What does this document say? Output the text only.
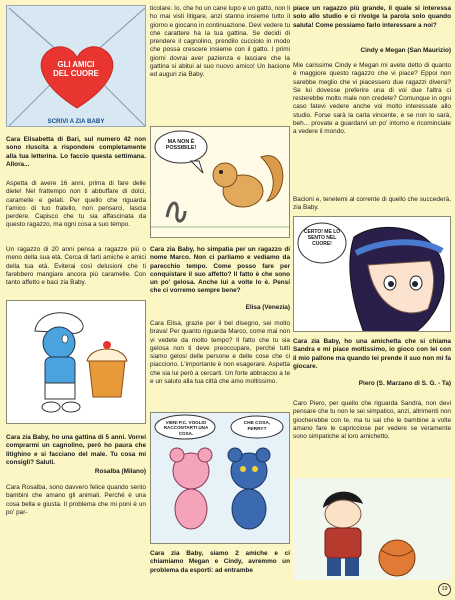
GLI AMICI
DEL CUORE
SCRIVI A ZIA BABY

Cara Elisabetta di Bari, sul numero 42 non sono riuscita a rispondere completamente alla tua letterina. Lo faccio questa settimana. Allora...

Aspetta di avere 16 anni, prima di fare delle diete! Nel frattempo non ti abbuffare di dolci, caramelle e gelati. Per quello che riguarda l'amico di tuo fratello, non pensarci, lascia perdere. Capisco che tu sia affascinata da questo ragazzo, ma ogni cosa a suo tempo.

Un ragazzo di 20 anni pensa a ragazze più o meno della sua età. Cerca di farti amiche e amici della tua età. Eviterai così delusioni che ti farebbero mangiare ancora più caramelle. Con tanto affetto e baci zia Baby.

Cara zia Baby, ho una gattina di 5 anni. Vorrei comprarmi un cagnolino, però ho paura che litighino e si facciano del male. Tu cosa mi consigli? Saluti.

Rosalba (Milano)

Cara Rosalba, sono davvero felice quando sento bambini che amano gli animali. Perché è una cosa bella e giusta. Il problema che mi poni è un po' par-

ticolare. Io, che ho un cane lupo e un gatto, non li ho mai visti litigare, anzi stanno insieme tutto il giorno e giocano in continuazione. Devi vedere tu che carattere ha la tua gattina. Se decidi di prendere il cagnolino, prendilo cucciolo in modo che possa crescere insieme con il gatto. I primi giorni dovrai aver pazienza e lasciare che la gattina si abitui al suo nuovo amico! Un bacione ed auguri zia Baby.

MA NON È POSSIBILE!

Cara zia Baby, ho simpatia per un ragazzo di nome Marco. Non ci parliamo e vediamo da parecchio tempo. Come posso fare per conquistare il suo affetto? Il fatto è che sono un po' gelosa. Anche lui a volte lo è. Pensi che ci vorremo sempre bene?

Elisa (Venezia)

Cara Elisa, grazie per il bel disegno, sei molto brava! Per quanto riguarda Marco, come mai non vi vedete da molto tempo? Il fatto che tu sia gelosa non ti deve preoccupare, perché tutti siamo gelosi delle persone e delle cose che ci piacciono. L'importante è non esagerare. Aspetta che sia lui però a cercarti. Un forte abbraccio a te e un saluto alla tua città che amo moltissimo.

VIENI P.C. VOGLIO RACCONTARTI UNA COSA.
CHE COSA, FERRY?

Cara zia Baby, siamo 2 amiche e ci chiamiamo Megan e Cindy, avremmo un problema da esporti: ad entrambe

piace un ragazzo più grande, il quale si interessa solo allo studio e ci rivolge la parola solo quando saluta! Come possiamo farlo interessare a noi?

Cindy e Megan (San Maurizio)

Mie carissime Cindy e Megan mi avete detto di quanto è maggiore questo ragazzo che vi piace? Eppoi non sarebbe meglio che vi piacessero due ragazzi diversi? Se lui dovesse preferire una di voi due l'altra ci resterebbe molto male non credete? Comunque in ogni caso fatevi vedere anche voi molto interessate allo studio. Forse sarà la carta vincente, e se non lo sarà, beh... provate a guardarvi un po' intorno e ricominciate a vedere il mondo.

Bacioni e, tenetemi al corrente di quello che succederà, zia Baby.

CERTO! ME LO SENTO NEL CUORE!

Cara zia Baby, ho una amichetta che si chiama Sandra e mi piace moltissimo, io gioco con lei con il mio pallone ma quando lei prende il suo non mi fa giocare.

Piero (S. Marzano di S. G. - Ta)

Caro Piero, per quello che riguarda Sandra, non devi pensare che tu non le sei simpatico, anzi, altrimenti non giocherebbe con te, ma tu sai che le bambine a volte amano fare le capricciose per vedere se veramente sono simpatiche al loro amichetto.

19
